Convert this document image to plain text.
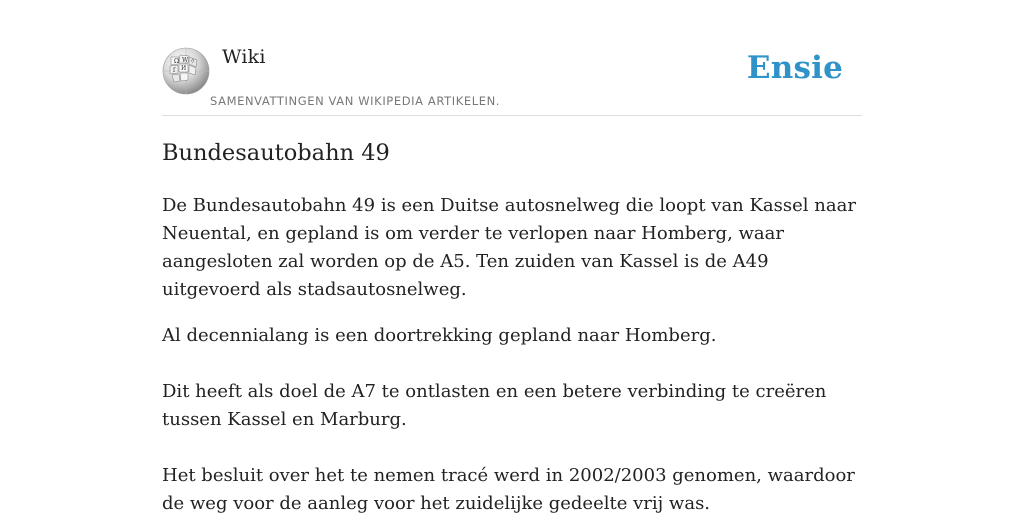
Ω W
ſ И
ウ Wiki
SAMENVATTINGEN VAN WIKIPEDIA ARTIKELEN.
Ensie
Bundesautobahn 49

De Bundesautobahn 49 is een Duitse autosnelweg die loopt van Kassel naar Neuental, en gepland is om verder te verlopen naar Homberg, waar aangesloten zal worden op de A5. Ten zuiden van Kassel is de A49 uitgevoerd als stadsautosnelweg.

Al decennialang is een doortrekking gepland naar Homberg.

Dit heeft als doel de A7 te ontlasten en een betere verbinding te creëren tussen Kassel en Marburg.

Het besluit over het te nemen tracé werd in 2002/2003 genomen, waardoor de weg voor de aanleg voor het zuidelijke gedeelte vrij was.
